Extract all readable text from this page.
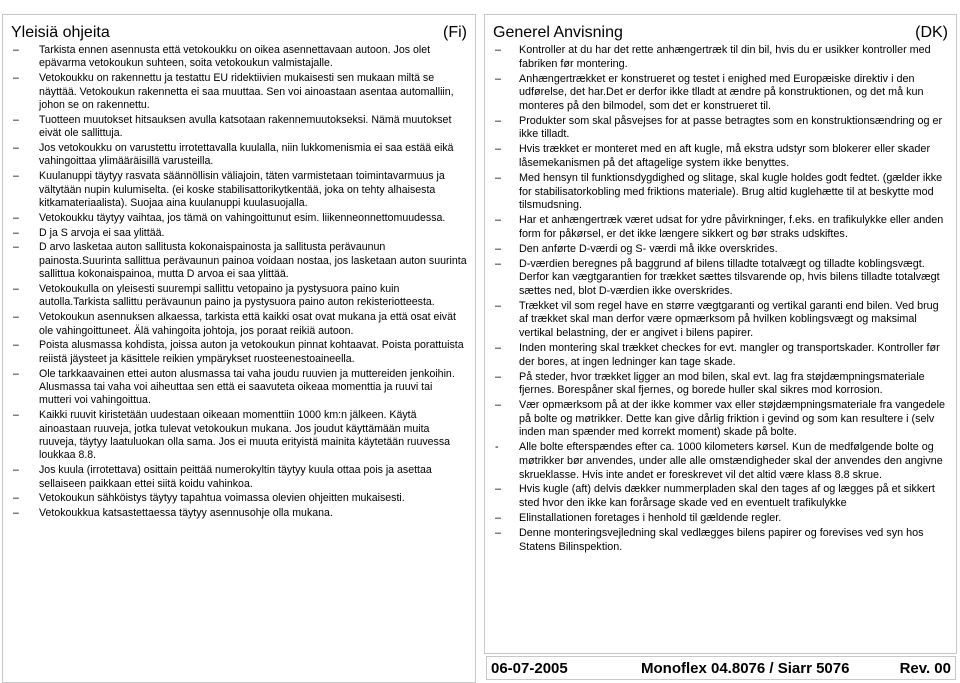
Yleisiä ohjeita	(Fi)
–	Tarkista ennen asennusta että vetokoukku on oikea asennettavaan autoon. Jos olet epävarma vetokoukun suhteen, soita vetokoukun valmistajalle.
–	Vetokoukku on rakennettu ja testattu EU ridektiivien mukaisesti sen mukaan miltä se näyttää. Vetokoukun rakennetta ei saa muuttaa. Sen voi ainoastaan asentaa automalliin, johon se on rakennettu.
–	Tuotteen muutokset hitsauksen avulla katsotaan rakennemuutokseksi. Nämä muutokset eivät ole sallittuja.
–	Jos vetokoukku on varustettu irrotettavalla kuulalla, niin lukkomenismia ei saa estää eikä vahingoittaa ylimääräisillä varusteilla.
–	Kuulanuppi täytyy rasvata säännöllisin väliajoin, täten varmistetaan toimintavarmuus ja vältytään nupin kulumiselta. (ei koske stabilisattorikytkentää, joka on tehty alhaisesta kitkamateriaalista). Suojaa aina kuulanuppi kuulasuojalla.
–	Vetokoukku täytyy vaihtaa, jos tämä on vahingoittunut esim. liikenneonnettomuudessa.
–	D ja S arvoja ei saa ylittää.
–	D arvo lasketaa auton sallitusta kokonaispainosta ja sallitusta perävaunun painosta.Suurinta sallittua perävaunun painoa voidaan nostaa, jos lasketaan auton suurinta sallittua kokonaispainoa, mutta D arvoa ei saa ylittää.
–	Vetokoukulla on yleisesti suurempi sallittu vetopaino ja pystysuora paino kuin autolla.Tarkista sallittu perävaunun paino ja pystysuora paino auton rekisteriotteesta.
–	Vetokoukun asennuksen alkaessa, tarkista että kaikki osat ovat mukana ja että osat eivät ole vahingoittuneet. Älä vahingoita johtoja, jos poraat reikiä autoon.
–	Poista alusmassa kohdista, joissa auton ja vetokoukun pinnat kohtaavat. Poista porattuista reiistä jäysteet ja käsittele reikien ympärykset ruosteenestoaineella.
–	Ole tarkkaavainen ettei auton alusmassa tai vaha joudu ruuvien ja muttereiden jenkoihin. Alusmassa tai vaha voi aiheuttaa sen että ei saavuteta oikeaa momenttia ja ruuvi tai mutteri voi vahingoittua.
–	Kaikki ruuvit kiristetään uudestaan oikeaan momenttiin 1000 km:n jälkeen. Käytä ainoastaan ruuveja, jotka tulevat vetokoukun mukana. Jos joudut käyttämään muita ruuveja, täytyy laatuluokan olla sama. Jos ei muuta erityistä mainita käytetään ruuvessa loukkaa 8.8.
–	Jos kuula (irrotettava) osittain peittää numerokyltin täytyy kuula ottaa pois ja asettaa sellaiseen paikkaan ettei siitä koidu vahinkoa.
–	Vetokoukun sähköistys täytyy tapahtua voimassa olevien ohjeitten mukaisesti.
–	Vetokoukkua katsastettaessa täytyy asennusohje olla mukana.
Generel Anvisning	(DK)
–	Kontroller at du har det rette anhængertræk til din bil, hvis du er usikker kontroller med fabriken før montering.
–	Anhængertrækket er konstrueret og testet i enighed med Europæiske direktiv i den udførelse, det har.Det er derfor ikke tlladt at ændre på konstruktionen, og det må kun monteres på den bilmodel, som det er konstrueret til.
–	Produkter som skal påsvejses for at passe betragtes som en konstruktionsændring og er ikke tilladt.
–	Hvis trækket er monteret med en aft kugle, må ekstra udstyr som blokerer eller skader låsemekanismen på det aftagelige system ikke benyttes.
–	Med hensyn til funktionsdygdighed og slitage, skal kugle holdes godt fedtet. (gælder ikke for stabilisatorkobling med friktions materiale). Brug altid kuglehætte til at beskytte mod tilsmudsning.
–	Har et anhængertræk været udsat for ydre påvirkninger, f.eks. en trafikulykke eller anden form for påkørsel, er det ikke længere sikkert og bør straks udskiftes.
–	Den anførte D-værdi og S- værdi må ikke overskrides.
–	D-værdien beregnes på baggrund af bilens tilladte totalvægt og tilladte koblingsvægt. Derfor kan vægtgarantien for trækket sættes tilsvarende op, hvis bilens tilladte totalvægt sættes ned, blot D-værdien ikke overskrides.
–	Trækket vil som regel have en større vægtgaranti og vertikal garanti end bilen. Ved brug af trækket skal man derfor være opmærksom på hvilken koblingsvægt og maksimal vertikal belastning, der er angivet i bilens papirer.
–	Inden montering skal trækket checkes for evt. mangler og transportskader. Kontroller før der bores, at ingen ledninger kan tage skade.
–	På steder, hvor trækket ligger an mod bilen, skal evt. lag fra støjdæmpningsmateriale fjernes. Borespåner skal fjernes, og borede huller skal sikres mod korrosion.
–	Vær opmærksom på at der ikke kommer vax eller støjdæmpningsmateriale fra vangedele på bolte og møtrikker. Dette kan give dårlig friktion i gevind og som kan resultere i (selv inden man spænder med korrekt moment) skade på bolte.
-	Alle bolte efterspændes efter ca. 1000 kilometers kørsel. Kun de medfølgende bolte og møtrikker bør anvendes, under alle alle omstændigheder skal der anvendes den angivne skrueklasse. Hvis inte andet er foreskrevet vil det altid være klass 8.8 skrue.
–	Hvis kugle (aft) delvis dækker nummerpladen skal den tages af og lægges på et sikkert sted hvor den ikke kan forårsage skade ved en eventuelt trafikulykke
–	Elinstallationen foretages i henhold til gældende regler.
–	Denne monteringsvejledning skal vedlægges bilens papirer og forevises ved syn hos Statens Bilinspektion.
06-07-2005	Monoflex 04.8076 / Siarr 5076	Rev. 00
